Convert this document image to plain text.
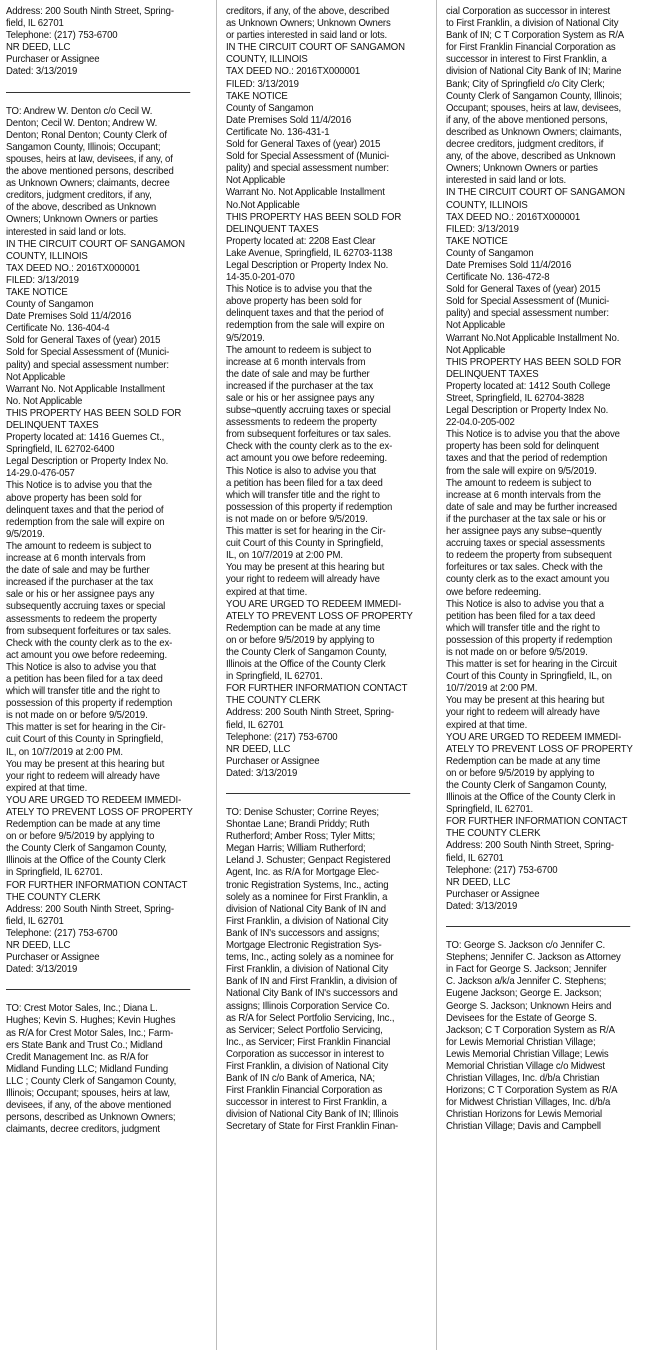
Address: 200 South Ninth Street, Spring-
field, IL 62701
Telephone: (217) 753-6700
NR DEED, LLC
Purchaser or Assignee
Dated: 3/13/2019
TO: Andrew W. Denton c/o Cecil W.
Denton; Cecil W. Denton; Andrew W.
Denton; Ronal Denton; County Clerk of
Sangamon County, Illinois; Occupant;
spouses, heirs at law, devisees, if any, of
the above mentioned persons, described
as Unknown Owners; claimants, decree
creditors, judgment creditors, if any,
of the above, described as Unknown
Owners; Unknown Owners or parties
interested in said land or lots.
IN THE CIRCUIT COURT OF SANGAMON
COUNTY, ILLINOIS
TAX DEED NO.: 2016TX000001
FILED: 3/13/2019
TAKE NOTICE
County of Sangamon
Date Premises Sold 11/4/2016
Certificate No. 136-404-4
Sold for General Taxes of (year) 2015
Sold for Special Assessment of (Munici-
pality) and special assessment number:
Not Applicable
Warrant No. Not Applicable Installment
No. Not Applicable
THIS PROPERTY HAS BEEN SOLD FOR
DELINQUENT TAXES
Property located at: 1416 Guemes Ct.,
Springfield, IL 62702-6400
Legal Description or Property Index No.
14-29.0-476-057
This Notice is to advise you that the
above property has been sold for
delinquent taxes and that the period of
redemption from the sale will expire on
9/5/2019.
The amount to redeem is subject to
increase at 6 month intervals from
the date of sale and may be further
increased if the purchaser at the tax
sale or his or her assignee pays any
subsequently accruing taxes or special
assessments to redeem the property
from subsequent forfeitures or tax sales.
Check with the county clerk as to the ex-
act amount you owe before redeeming.
This Notice is also to advise you that
a petition has been filed for a tax deed
which will transfer title and the right to
possession of this property if redemption
is not made on or before 9/5/2019.
This matter is set for hearing in the Cir-
cuit Court of this County in Springfield,
IL, on 10/7/2019 at 2:00 PM.
You may be present at this hearing but
your right to redeem will already have
expired at that time.
YOU ARE URGED TO REDEEM IMMEDI-
ATELY TO PREVENT LOSS OF PROPERTY
Redemption can be made at any time
on or before 9/5/2019 by applying to
the County Clerk of Sangamon County,
Illinois at the Office of the County Clerk
in Springfield, IL 62701.
FOR FURTHER INFORMATION CONTACT
THE COUNTY CLERK
Address: 200 South Ninth Street, Spring-
field, IL 62701
Telephone: (217) 753-6700
NR DEED, LLC
Purchaser or Assignee
Dated: 3/13/2019
TO: Crest Motor Sales, Inc.; Diana L.
Hughes; Kevin S. Hughes; Kevin Hughes
as R/A for Crest Motor Sales, Inc.; Farm-
ers State Bank and Trust Co.; Midland
Credit Management Inc. as R/A for
Midland Funding LLC; Midland Funding
LLC ; County Clerk of Sangamon County,
Illinois; Occupant; spouses, heirs at law,
devisees, if any, of the above mentioned
persons, described as Unknown Owners;
claimants, decree creditors, judgment
creditors, if any, of the above, described
as Unknown Owners; Unknown Owners
or parties interested in said land or lots.
IN THE CIRCUIT COURT OF SANGAMON
COUNTY, ILLINOIS
TAX DEED NO.: 2016TX000001
FILED: 3/13/2019
TAKE NOTICE
County of Sangamon
Date Premises Sold 11/4/2016
Certificate No. 136-431-1
Sold for General Taxes of (year) 2015
Sold for Special Assessment of (Munici-
pality) and special assessment number:
Not Applicable
Warrant No. Not Applicable Installment
No.Not Applicable
THIS PROPERTY HAS BEEN SOLD FOR
DELINQUENT TAXES
Property located at: 2208 East Clear
Lake Avenue, Springfield, IL 62703-1138
Legal Description or Property Index No.
14-35.0-201-070
This Notice is to advise you that the
above property has been sold for
delinquent taxes and that the period of
redemption from the sale will expire on
9/5/2019.
The amount to redeem is subject to
increase at 6 month intervals from
the date of sale and may be further
increased if the purchaser at the tax
sale or his or her assignee pays any
subse¬quently accruing taxes or special
assessments to redeem the property
from subsequent forfeitures or tax sales.
Check with the county clerk as to the ex-
act amount you owe before redeeming.
This Notice is also to advise you that
a petition has been filed for a tax deed
which will transfer title and the right to
possession of this property if redemption
is not made on or before 9/5/2019.
This matter is set for hearing in the Cir-
cuit Court of this County in Springfield,
IL, on 10/7/2019 at 2:00 PM.
You may be present at this hearing but
your right to redeem will already have
expired at that time.
YOU ARE URGED TO REDEEM IMMEDI-
ATELY TO PREVENT LOSS OF PROPERTY
Redemption can be made at any time
on or before 9/5/2019 by applying to
the County Clerk of Sangamon County,
Illinois at the Office of the County Clerk
in Springfield, IL 62701.
FOR FURTHER INFORMATION CONTACT
THE COUNTY CLERK
Address: 200 South Ninth Street, Spring-
field, IL 62701
Telephone: (217) 753-6700
NR DEED, LLC
Purchaser or Assignee
Dated: 3/13/2019
TO: Denise Schuster; Corrine Reyes;
Shontae Lane; Brandi Priddy; Ruth
Rutherford; Amber Ross; Tyler Mitts;
Megan Harris; William Rutherford;
Leland J. Schuster; Genpact Registered
Agent, Inc. as R/A for Mortgage Elec-
tronic Registration Systems, Inc., acting
solely as a nominee for First Franklin, a
division of National City Bank of IN and
First Franklin, a division of National City
Bank of IN's successors and assigns;
Mortgage Electronic Registration Sys-
tems, Inc., acting solely as a nominee for
First Franklin, a division of National City
Bank of IN and First Franklin, a division of
National City Bank of IN's successors and
assigns; Illinois Corporation Service Co.
as R/A for Select Portfolio Servicing, Inc.,
as Servicer; Select Portfolio Servicing,
Inc., as Servicer; First Franklin Financial
Corporation as successor in interest to
First Franklin, a division of National City
Bank of IN c/o Bank of America, NA;
First Franklin Financial Corporation as
successor in interest to First Franklin, a
division of National City Bank of IN; Illinois
Secretary of State for First Franklin Finan-
cial Corporation as successor in interest
to First Franklin, a division of National City
Bank of IN; C T Corporation System as R/A
for First Franklin Financial Corporation as
successor in interest to First Franklin, a
division of National City Bank of IN; Marine
Bank; City of Springfield c/o City Clerk;
County Clerk of Sangamon County, Illinois;
Occupant; spouses, heirs at law, devisees,
if any, of the above mentioned persons,
described as Unknown Owners; claimants,
decree creditors, judgment creditors, if
any, of the above, described as Unknown
Owners; Unknown Owners or parties
interested in said land or lots.
IN THE CIRCUIT COURT OF SANGAMON
COUNTY, ILLINOIS
TAX DEED NO.: 2016TX000001
FILED: 3/13/2019
TAKE NOTICE
County of Sangamon
Date Premises Sold 11/4/2016
Certificate No. 136-472-8
Sold for General Taxes of (year) 2015
Sold for Special Assessment of (Munici-
pality) and special assessment number:
Not Applicable
Warrant No.Not Applicable Installment No.
Not Applicable
THIS PROPERTY HAS BEEN SOLD FOR
DELINQUENT TAXES
Property located at: 1412 South College
Street, Springfield, IL 62704-3828
Legal Description or Property Index No.
22-04.0-205-002
This Notice is to advise you that the above
property has been sold for delinquent
taxes and that the period of redemption
from the sale will expire on 9/5/2019.
The amount to redeem is subject to
increase at 6 month intervals from the
date of sale and may be further increased
if the purchaser at the tax sale or his or
her assignee pays any subse¬quently
accruing taxes or special assessments
to redeem the property from subsequent
forfeitures or tax sales. Check with the
county clerk as to the exact amount you
owe before redeeming.
This Notice is also to advise you that a
petition has been filed for a tax deed
which will transfer title and the right to
possession of this property if redemption
is not made on or before 9/5/2019.
This matter is set for hearing in the Circuit
Court of this County in Springfield, IL, on
10/7/2019 at 2:00 PM.
You may be present at this hearing but
your right to redeem will already have
expired at that time.
YOU ARE URGED TO REDEEM IMMEDI-
ATELY TO PREVENT LOSS OF PROPERTY
Redemption can be made at any time
on or before 9/5/2019 by applying to
the County Clerk of Sangamon County,
Illinois at the Office of the County Clerk in
Springfield, IL 62701.
FOR FURTHER INFORMATION CONTACT
THE COUNTY CLERK
Address: 200 South Ninth Street, Spring-
field, IL 62701
Telephone: (217) 753-6700
NR DEED, LLC
Purchaser or Assignee
Dated: 3/13/2019
TO: George S. Jackson c/o Jennifer C.
Stephens; Jennifer C. Jackson as Attorney
in Fact for George S. Jackson; Jennifer
C. Jackson a/k/a Jennifer C. Stephens;
Eugene Jackson; George E. Jackson;
George S. Jackson; Unknown Heirs and
Devisees for the Estate of George S.
Jackson; C T Corporation System as R/A
for Lewis Memorial Christian Village;
Lewis Memorial Christian Village; Lewis
Memorial Christian Village c/o Midwest
Christian Villages, Inc. d/b/a Christian
Horizons; C T Corporation System as R/A
for Midwest Christian Villages, Inc. d/b/a
Christian Horizons for Lewis Memorial
Christian Village; Davis and Campbell
